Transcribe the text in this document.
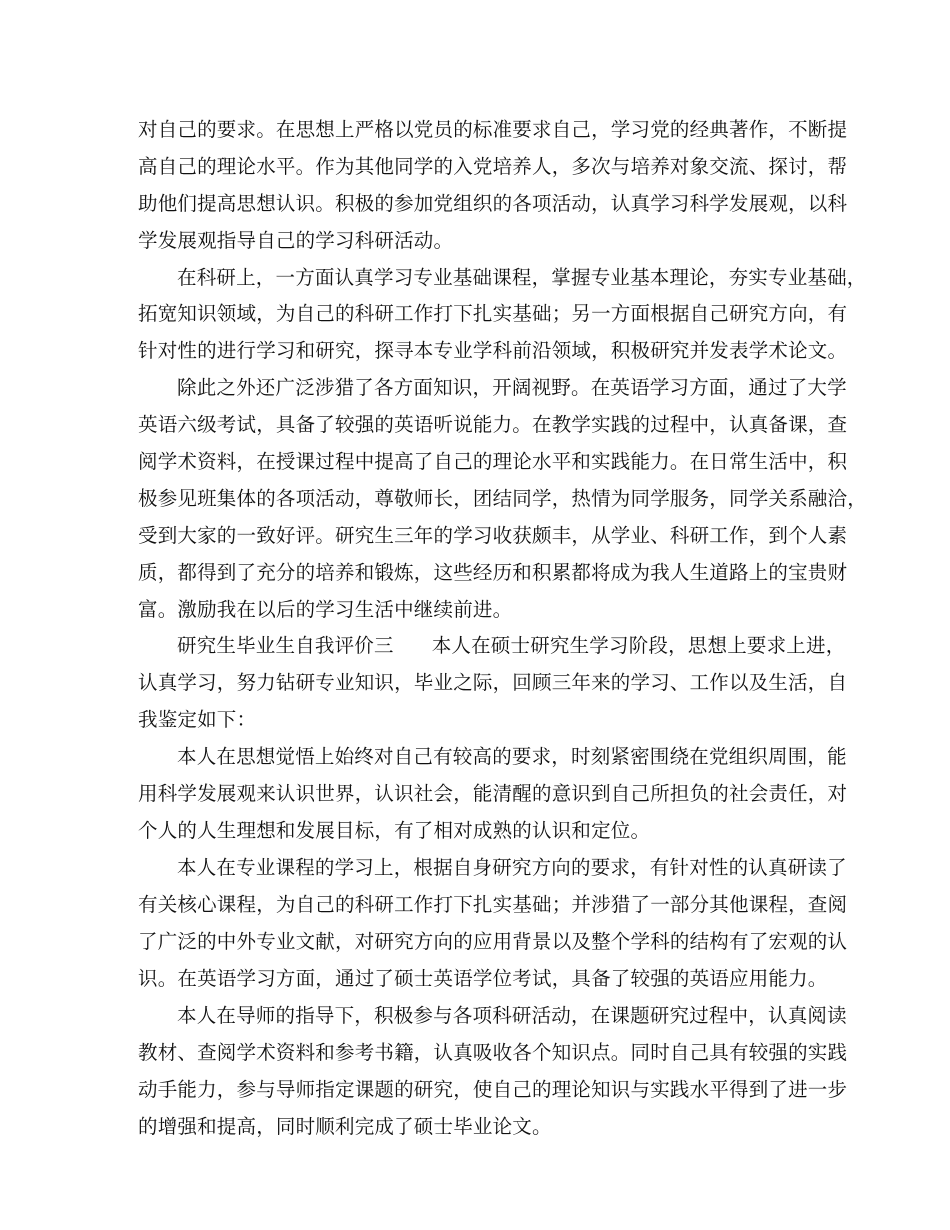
对自己的要求。在思想上严格以党员的标准要求自己，学习党的经典著作，不断提
高自己的理论水平。作为其他同学的入党培养人，多次与培养对象交流、探讨，帮
助他们提高思想认识。积极的参加党组织的各项活动，认真学习科学发展观，以科
学发展观指导自己的学习科研活动。
在科研上，一方面认真学习专业基础课程，掌握专业基本理论，夯实专业基础，
拓宽知识领域，为自己的科研工作打下扎实基础；另一方面根据自己研究方向，有
针对性的进行学习和研究，探寻本专业学科前沿领域，积极研究并发表学术论文。
除此之外还广泛涉猎了各方面知识，开阔视野。在英语学习方面，通过了大学
英语六级考试，具备了较强的英语听说能力。在教学实践的过程中，认真备课，查
阅学术资料，在授课过程中提高了自己的理论水平和实践能力。在日常生活中，积
极参见班集体的各项活动，尊敬师长，团结同学，热情为同学服务，同学关系融洽，
受到大家的一致好评。研究生三年的学习收获颇丰，从学业、科研工作，到个人素
质，都得到了充分的培养和锻炼，这些经历和积累都将成为我人生道路上的宝贵财
富。激励我在以后的学习生活中继续前进。
研究生毕业生自我评价三 本人在硕士研究生学习阶段，思想上要求上进，
认真学习，努力钻研专业知识，毕业之际，回顾三年来的学习、工作以及生活，自
我鉴定如下：
本人在思想觉悟上始终对自己有较高的要求，时刻紧密围绕在党组织周围，能
用科学发展观来认识世界，认识社会，能清醒的意识到自己所担负的社会责任，对
个人的人生理想和发展目标，有了相对成熟的认识和定位。
本人在专业课程的学习上，根据自身研究方向的要求，有针对性的认真研读了
有关核心课程，为自己的科研工作打下扎实基础；并涉猎了一部分其他课程，查阅
了广泛的中外专业文献，对研究方向的应用背景以及整个学科的结构有了宏观的认
识。在英语学习方面，通过了硕士英语学位考试，具备了较强的英语应用能力。
本人在导师的指导下，积极参与各项科研活动，在课题研究过程中，认真阅读
教材、查阅学术资料和参考书籍，认真吸收各个知识点。同时自己具有较强的实践
动手能力，参与导师指定课题的研究，使自己的理论知识与实践水平得到了进一步
的增强和提高，同时顺利完成了硕士毕业论文。
